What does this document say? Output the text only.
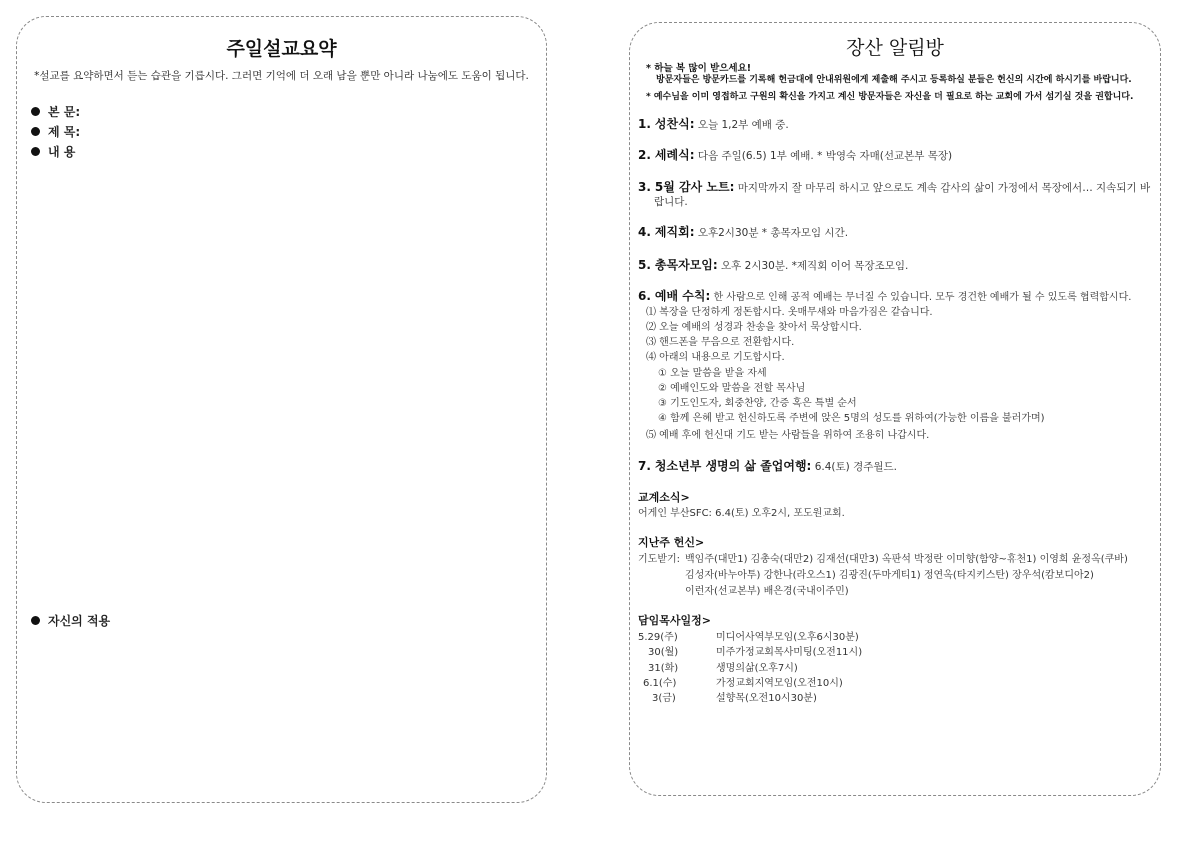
주일설교요약
*설교를 요약하면서 듣는 습관을 기릅시다. 그러면 기억에 더 오래 남을 뿐만 아니라 나눔에도 도움이 됩니다.
본 문:
제 목:
내 용
자신의 적용
장산 알림방
* 하늘 복 많이 받으세요!
방문자들은 방문카드를 기록해 헌금대에 안내위원에게 제출해 주시고 등록하실 분들은 헌신의 시간에 하시기를 바랍니다.
* 예수님을 이미 영접하고 구원의 확신을 가지고 계신 방문자들은 자신을 더 필요로 하는 교회에 가서 섬기실 것을 권합니다.
1. 성찬식: 오늘 1,2부 예배 중.
2. 세례식: 다음 주일(6.5) 1부 예배. * 박영숙 자매(선교본부 목장)
3. 5월 감사 노트: 마지막까지 잘 마무리 하시고 앞으로도 계속 감사의 삶이 가정에서 목장에서… 지속되기 바
랍니다.
4. 제직회: 오후2시30분 * 총목자모임 시간.
5. 총목자모임: 오후 2시30분. *제직회 이어 목장조모임.
6. 예배 수칙: 한 사람으로 인해 공적 예배는 무너질 수 있습니다. 모두 경건한 예배가 될 수 있도록 협력합시다.
⑴ 복장을 단정하게 정돈합시다. 옷매무새와 마음가짐은 같습니다.
⑵ 오늘 예배의 성경과 찬송을 찾아서 묵상합시다.
⑶ 핸드폰을 무음으로 전환합시다.
⑷ 아래의 내용으로 기도합시다.
① 오늘 말씀을 받을 자세
② 예배인도와 말씀을 전할 목사님
③ 기도인도자, 회중찬양, 간증 혹은 특별 순서
④ 함께 은혜 받고 헌신하도록 주변에 앉은 5명의 성도를 위하여(가능한 이름을 불러가며)
⑸ 예배 후에 헌신대 기도 받는 사람들을 위하여 조용히 나갑시다.
7. 청소년부 생명의 삶 졸업여행: 6.4(토) 경주월드.
교계소식>
어게인 부산SFC: 6.4(토) 오후2시, 포도원교회.
지난주 헌신>
기도받기: 백임주(대만1) 김총숙(대만2) 김재선(대만3) 옥판석 박정란 이미향(함양~휴천1) 이영희 윤정옥(쿠바)
김성자(바누아투) 강한나(라오스1) 김광진(두마게티1) 정연옥(타지키스탄) 장우석(캄보디아2)
이런자(선교본부) 배은경(국내이주민)
담임목사일정>
5.29(주)	미디어사역부모임(오후6시30분)
30(월)	미주가정교회목사미팅(오전11시)
31(화)	생명의삶(오후7시)
6.1(수)	가정교회지역모임(오전10시)
3(금)	설향목(오전10시30분)
